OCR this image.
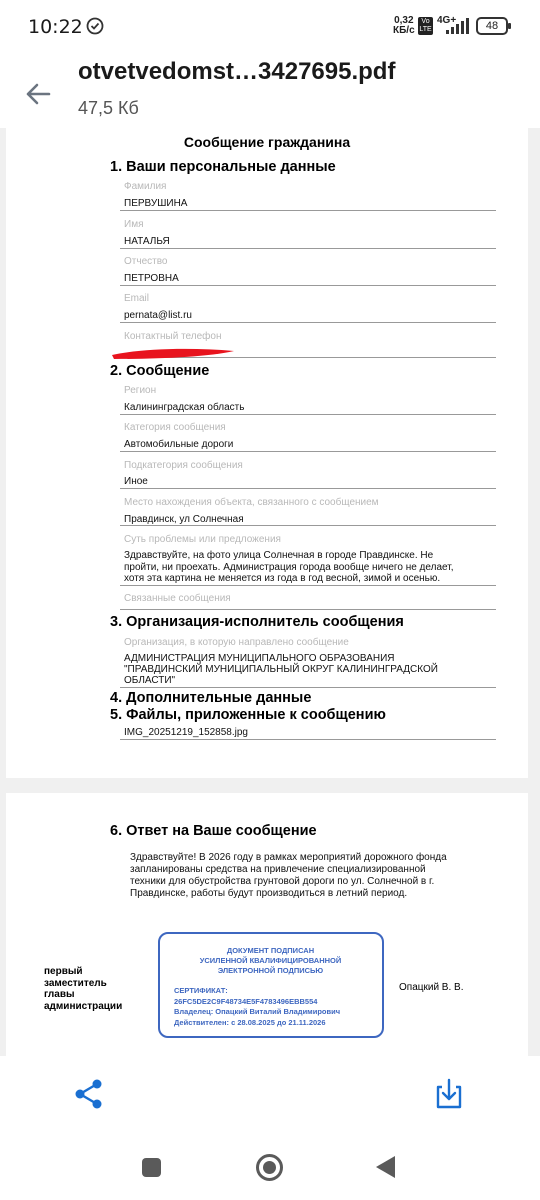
10:22	0,32
КБ/с
Vo
LTE
4G+	48
otvetvedomst…3427695.pdf
47,5 Кб
Сообщение гражданина
1. Ваши персональные данные
Фамилия
ПЕРВУШИНА
Имя
НАТАЛЬЯ
Отчество
ПЕТРОВНА
Email
pernata@list.ru
Контактный телефон
2. Сообщение
Регион
Калининградская область
Категория сообщения
Автомобильные дороги
Подкатегория сообщения
Иное
Место нахождения объекта, связанного с сообщением
Правдинск, ул Солнечная
Суть проблемы или предложения
Здравствуйте, на фото улица Солнечная в городе Правдинске. Не
пройти, ни проехать. Администрация города вообще ничего не делает,
хотя эта картина не меняется из года в год весной, зимой и осенью.
Связанные сообщения
3. Организация-исполнитель сообщения
Организация, в которую направлено сообщение
АДМИНИСТРАЦИЯ МУНИЦИПАЛЬНОГО ОБРАЗОВАНИЯ
"ПРАВДИНСКИЙ МУНИЦИПАЛЬНЫЙ ОКРУГ КАЛИНИНГРАДСКОЙ
ОБЛАСТИ"
4. Дополнительные данные
5. Файлы, приложенные к сообщению
IMG_20251219_152858.jpg
6. Ответ на Ваше сообщение
Здравствуйте! В 2026 году в рамках мероприятий дорожного фонда
запланированы средства на привлечение специализированной
техники для обустройства грунтовой дороги по ул. Солнечной в г.
Правдинске, работы будут производиться в летний период.
первый
заместитель
главы
администрации
ДОКУМЕНТ ПОДПИСАН
УСИЛЕННОЙ КВАЛИФИЦИРОВАННОЙ
ЭЛЕКТРОННОЙ ПОДПИСЬЮ
СЕРТИФИКАТ:
26FC5DE2C9F48734E5F4783496EBB554
Владелец: Опацкий Виталий Владимирович
Действителен: с 28.08.2025 до 21.11.2026
Опацкий В. В.
